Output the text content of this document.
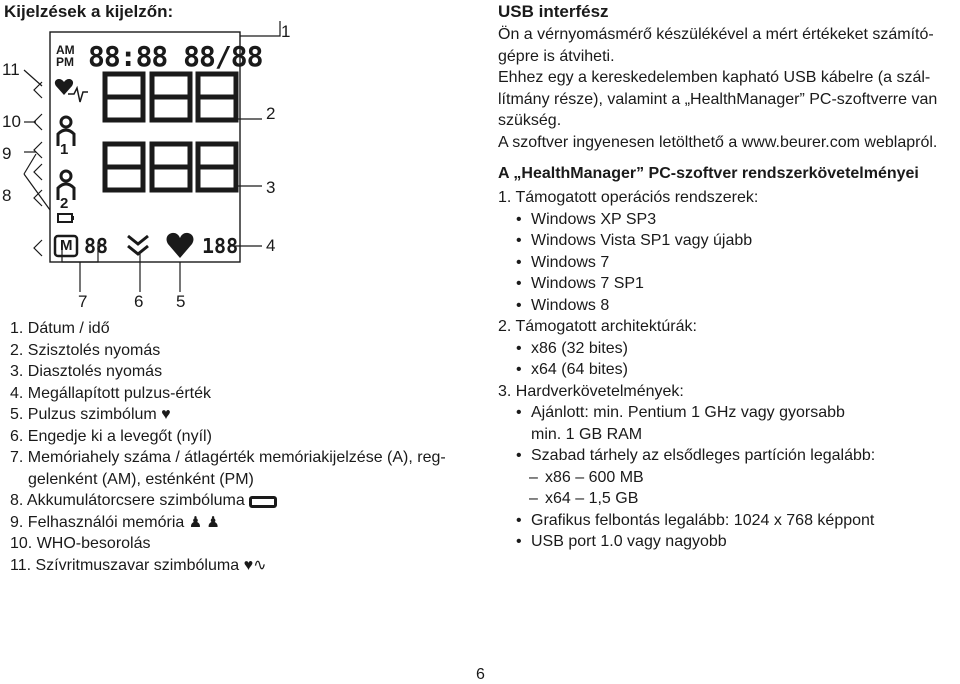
Kijelzések a kijelzőn:
AM
PM 88:88 88/88
1
2
M 88	188
1
2
3
4
5
6
7
8
9
10
11
1. Dátum / idő
2. Szisztolés nyomás
3. Diasztolés nyomás
4. Megállapított pulzus-érték
5. Pulzus szimbólum ♥
6. Engedje ki a levegőt (nyíl)
7. Memóriahely száma / átlagérték memóriakijelzése (A), reg-
gelenként (AM), esténként (PM)
8. Akkumulátorcsere szimbóluma
9. Felhasználói memória ♟ ♟
10. WHO-besorolás
11. Szívritmuszavar szimbóluma ♥∿
USB interfész
Ön a vérnyomásmérő készülékével a mért értékeket számító-
gépre is átviheti.
Ehhez egy a kereskedelemben kapható USB kábelre (a szál-
lítmány része), valamint a „HealthManager” PC-szoftverre van
szükség.
A szoftver ingyenesen letölthető a www.beurer.com weblapról.
A „HealthManager” PC-szoftver rendszerkövetelményei
1. Támogatott operációs rendszerek:
• Windows XP SP3
• Windows Vista SP1 vagy újabb
• Windows 7
• Windows 7 SP1
• Windows 8
2. Támogatott architektúrák:
• x86 (32 bites)
• x64 (64 bites)
3. Hardverkövetelmények:
• Ajánlott: min. Pentium 1 GHz vagy gyorsabb
min. 1 GB RAM
• Szabad tárhely az elsődleges partíción legalább:
– x86 – 600 MB
– x64 – 1,5 GB
• Grafikus felbontás legalább: 1024 x 768 képpont
• USB port 1.0 vagy nagyobb
6
